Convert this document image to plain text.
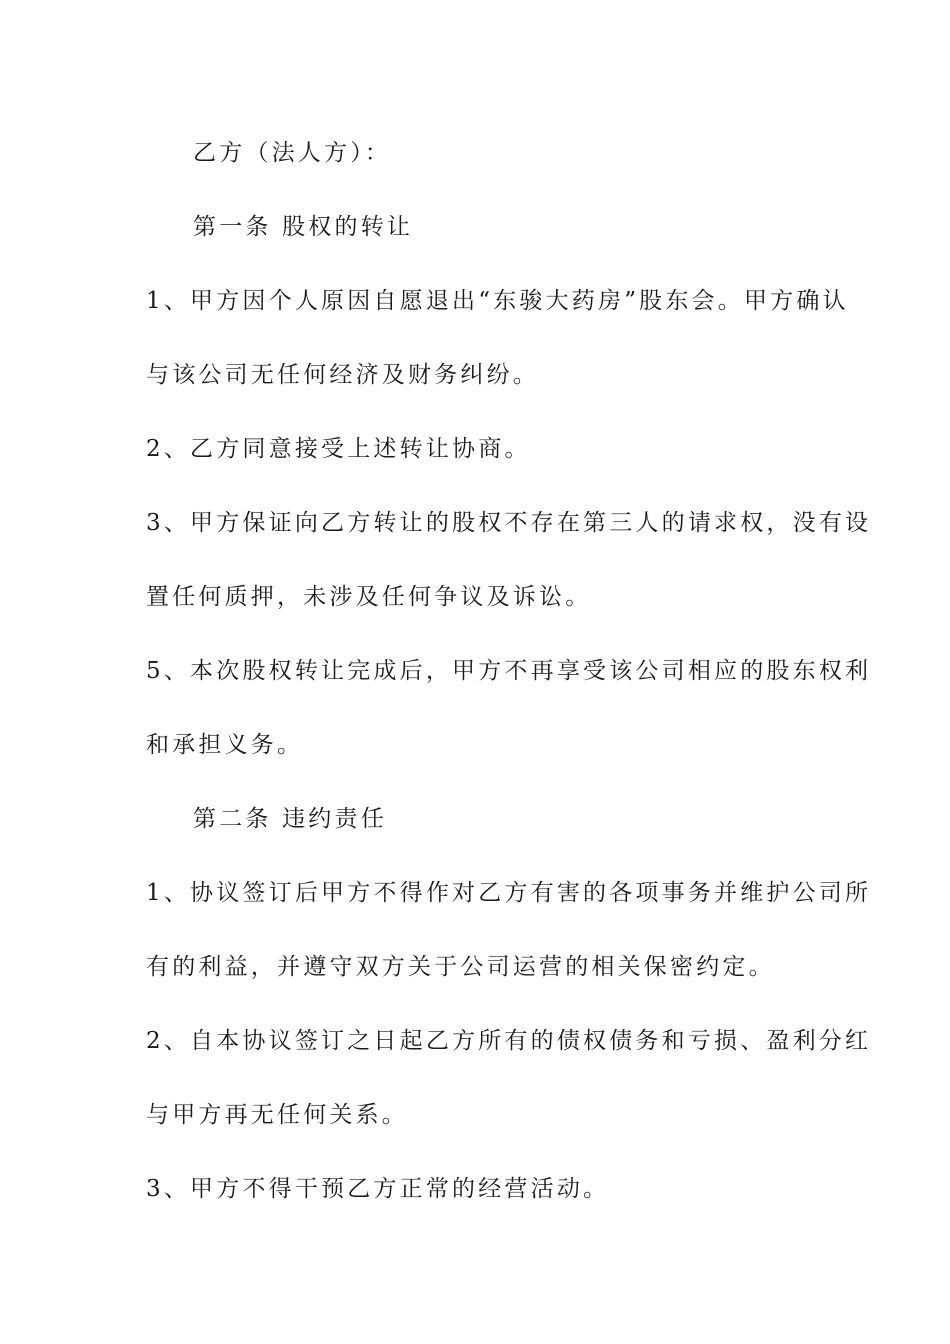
乙方（法人方）：
第一条 股权的转让
1、甲方因个人原因自愿退出“东骏大药房”股东会。甲方确认
与该公司无任何经济及财务纠纷。
2、乙方同意接受上述转让协商。
3、甲方保证向乙方转让的股权不存在第三人的请求权，没有设
置任何质押，未涉及任何争议及诉讼。
5、本次股权转让完成后，甲方不再享受该公司相应的股东权利
和承担义务。
第二条 违约责任
1、协议签订后甲方不得作对乙方有害的各项事务并维护公司所
有的利益，并遵守双方关于公司运营的相关保密约定。
2、自本协议签订之日起乙方所有的债权债务和亏损、盈利分红
与甲方再无任何关系。
3、甲方不得干预乙方正常的经营活动。
